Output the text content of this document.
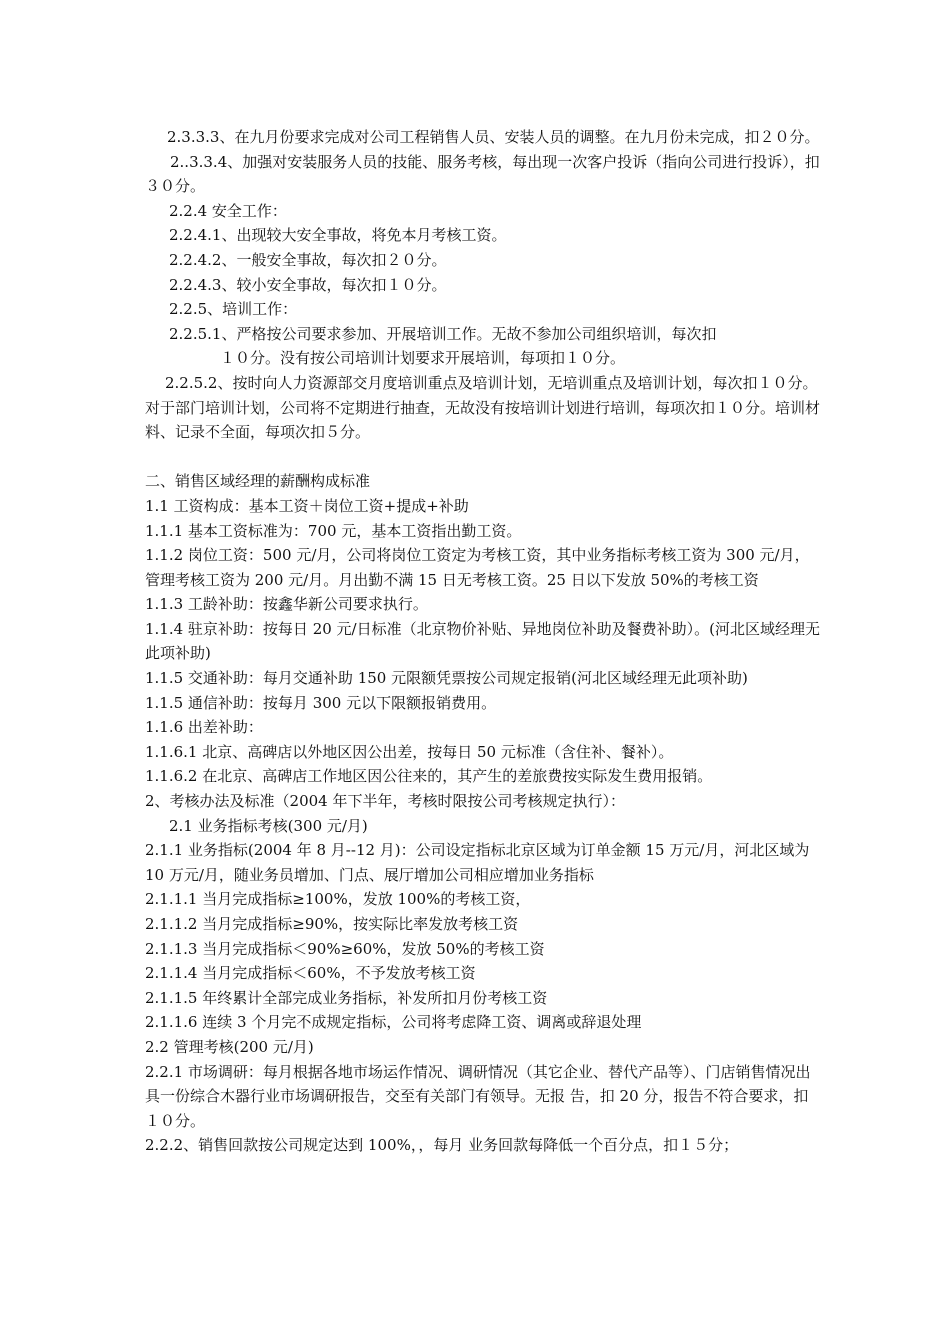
2.3.3.3、在九月份要求完成对公司工程销售人员、安装人员的调整。在九月份未完成，扣２０分。

2..3.3.4、加强对安装服务人员的技能、服务考核，每出现一次客户投诉（指向公司进行投诉），扣３０分。

2.2.4 安全工作：

2.2.4.1、出现较大安全事故，将免本月考核工资。

2.2.4.2、一般安全事故，每次扣２０分。

2.2.4.3、较小安全事故，每次扣１０分。

2.2.5、培训工作：

2.2.5.1、严格按公司要求参加、开展培训工作。无故不参加公司组织培训，每次扣

１０分。没有按公司培训计划要求开展培训，每项扣１０分。

2.2.5.2、按时向人力资源部交月度培训重点及培训计划，无培训重点及培训计划，每次扣１０分。对于部门培训计划，公司将不定期进行抽查，无故没有按培训计划进行培训，每项次扣１０分。培训材料、记录不全面，每项次扣５分。

二、销售区域经理的薪酬构成标准

1.1 工资构成：基本工资＋岗位工资+提成+补助

1.1.1 基本工资标准为：700 元，基本工资指出勤工资。

1.1.2 岗位工资：500 元/月，公司将岗位工资定为考核工资，其中业务指标考核工资为 300 元/月，管理考核工资为 200 元/月。月出勤不满 15 日无考核工资。25 日以下发放 50%的考核工资

1.1.3 工龄补助：按鑫华新公司要求执行。

1.1.4 驻京补助：按每日 20 元/日标准（北京物价补贴、异地岗位补助及餐费补助）。(河北区域经理无此项补助)

1.1.5 交通补助：每月交通补助 150 元限额凭票按公司规定报销(河北区域经理无此项补助)

1.1.5 通信补助：按每月 300 元以下限额报销费用。

1.1.6 出差补助：

1.1.6.1 北京、高碑店以外地区因公出差，按每日 50 元标准（含住补、餐补）。

1.1.6.2 在北京、高碑店工作地区因公往来的，其产生的差旅费按实际发生费用报销。

2、考核办法及标准（2004 年下半年，考核时限按公司考核规定执行）：

2.1 业务指标考核(300 元/月)

2.1.1 业务指标(2004 年 8 月--12 月)：公司设定指标北京区域为订单金额 15 万元/月，河北区域为 10 万元/月，随业务员增加、门点、展厅增加公司相应增加业务指标

2.1.1.1 当月完成指标≥100%，发放 100%的考核工资，

2.1.1.2 当月完成指标≥90%，按实际比率发放考核工资

2.1.1.3 当月完成指标＜90%≥60%，发放 50%的考核工资

2.1.1.4 当月完成指标＜60%，不予发放考核工资

2.1.1.5 年终累计全部完成业务指标，补发所扣月份考核工资

2.1.1.6 连续 3 个月完不成规定指标，公司将考虑降工资、调离或辞退处理

2.2 管理考核(200 元/月)

2.2.1 市场调研：每月根据各地市场运作情况、调研情况（其它企业、替代产品等）、门店销售情况出具一份综合木器行业市场调研报告，交至有关部门有领导。无报 告，扣 20 分，报告不符合要求，扣１０分。

2.2.2、销售回款按公司规定达到 100%，，每月 业务回款每降低一个百分点，扣１５分；
